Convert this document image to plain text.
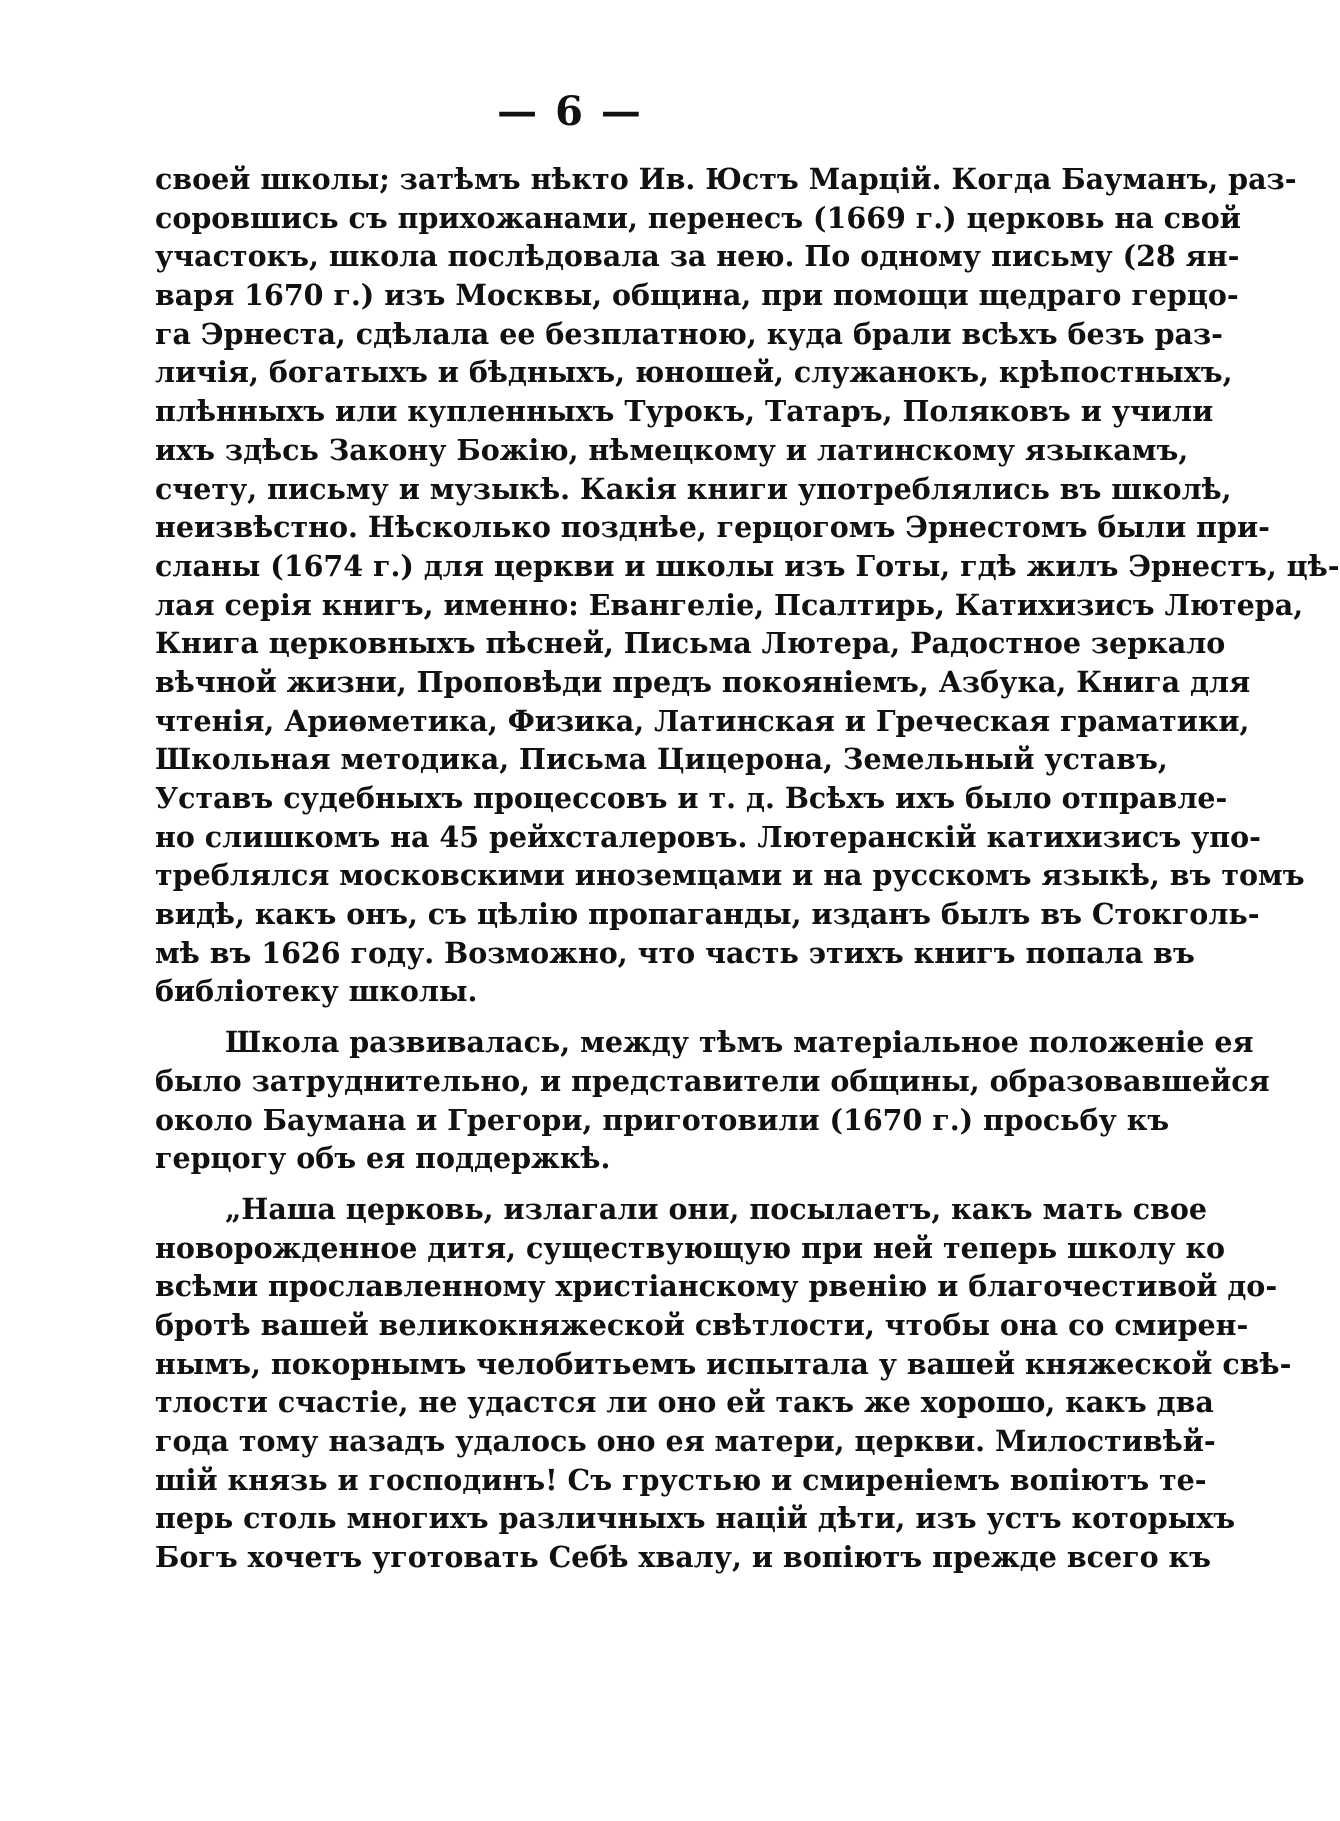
— 6 —
своей школы; затѣмъ нѣкто Ив. Юстъ Марцій. Когда Бауманъ, раз-
соровшись съ прихожанами, перенесъ (1669 г.) церковь на свой
участокъ, школа послѣдовала за нею. По одному письму (28 ян-
варя 1670 г.) изъ Москвы, община, при помощи щедраго герцо-
га Эрнеста, сдѣлала ее безплатною, куда брали всѣхъ безъ раз-
личія, богатыхъ и бѣдныхъ, юношей, служанокъ, крѣпостныхъ,
плѣнныхъ или купленныхъ Турокъ, Татаръ, Поляковъ и учили
ихъ здѣсь Закону Божію, нѣмецкому и латинскому языкамъ,
счету, письму и музыкѣ. Какія книги употреблялись въ школѣ,
неизвѣстно. Нѣсколько позднѣе, герцогомъ Эрнестомъ были при-
сланы (1674 г.) для церкви и школы изъ Готы, гдѣ жилъ Эрнестъ, цѣ-
лая серія книгъ, именно: Евангеліе, Псалтирь, Катихизисъ Лютера,
Книга церковныхъ пѣсней, Письма Лютера, Радостное зеркало
вѣчной жизни, Проповѣди предъ покояніемъ, Азбука, Книга для
чтенія, Ариѳметика, Физика, Латинская и Греческая граматики,
Школьная методика, Письма Цицерона, Земельный уставъ,
Уставъ судебныхъ процессовъ и т. д. Всѣхъ ихъ было отправле-
но слишкомъ на 45 рейхсталеровъ. Лютеранскій катихизисъ упо-
треблялся московскими иноземцами и на русскомъ языкѣ, въ томъ
видѣ, какъ онъ, съ цѣлію пропаганды, изданъ былъ въ Стокголь-
мѣ въ 1626 году. Возможно, что часть этихъ книгъ попала въ
библіотеку школы.
Школа развивалась, между тѣмъ матеріальное положеніе ея
было затруднительно, и представители общины, образовавшейся
около Баумана и Грегори, приготовили (1670 г.) просьбу къ
герцогу объ ея поддержкѣ.
„Наша церковь, излагали они, посылаетъ, какъ мать свое
новорожденное дитя, существующую при ней теперь школу ко
всѣми прославленному христіанскому рвенію и благочестивой до-
бротѣ вашей великокняжеской свѣтлости, чтобы она со смирен-
нымъ, покорнымъ челобитьемъ испытала у вашей княжеской свѣ-
тлости счастіе, не удастся ли оно ей такъ же хорошо, какъ два
года тому назадъ удалось оно ея матери, церкви. Милостивѣй-
шій князь и господинъ! Съ грустью и смиреніемъ вопіютъ те-
перь столь многихъ различныхъ націй дѣти, изъ устъ которыхъ
Богъ хочетъ уготовать Себѣ хвалу, и вопіютъ прежде всего къ
